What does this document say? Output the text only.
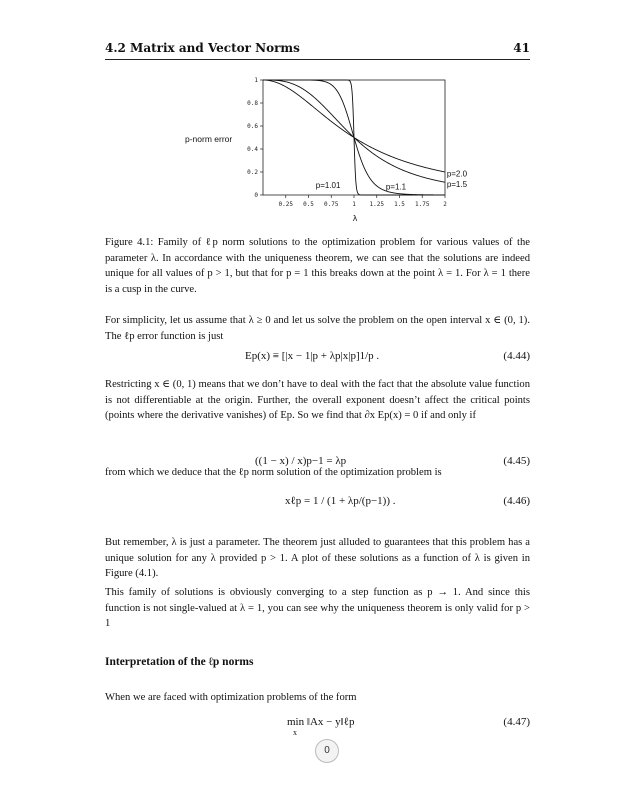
4.2 Matrix and Vector Norms	41
0
0.2
0.4
0.6
0.8
1
0.25 0.5 0.75 1 1.25 1.5 1.75 2
p-norm error
λ
p=1.01	p=1.1	p=1.5
p=2.0
Figure 4.1: Family of ℓp norm solutions to the optimization problem for various values of the parameter λ. In accordance with the uniqueness theorem, we can see that the solutions are indeed unique for all values of p > 1, but that for p = 1 this breaks down at the point λ = 1. For λ = 1 there is a cusp in the curve.
For simplicity, let us assume that λ ≥ 0 and let us solve the problem on the open interval x ∈ (0, 1). The ℓp error function is just
Ep(x) ≡ [|x − 1|p + λp|x|p]1/p .	(4.44)
Restricting x ∈ (0, 1) means that we don’t have to deal with the fact that the absolute value function is not differentiable at the origin. Further, the overall exponent doesn’t affect the critical points (points where the derivative vanishes) of Ep. So we find that ∂x Ep(x) = 0 if and only if
((1 − x) / x)p−1 = λp	(4.45)
from which we deduce that the ℓp norm solution of the optimization problem is
xℓp = 1 / (1 + λp/(p−1)) .	(4.46)
But remember, λ is just a parameter. The theorem just alluded to guarantees that this problem has a unique solution for any λ provided p > 1. A plot of these solutions as a function of λ is given in Figure (4.1).
This family of solutions is obviously converging to a step function as p → 1. And since this function is not single-valued at λ = 1, you can see why the uniqueness theorem is only valid for p > 1
Interpretation of the ℓp norms
When we are faced with optimization problems of the form
min ‖Ax − y‖ℓp
x
(4.47)
0
